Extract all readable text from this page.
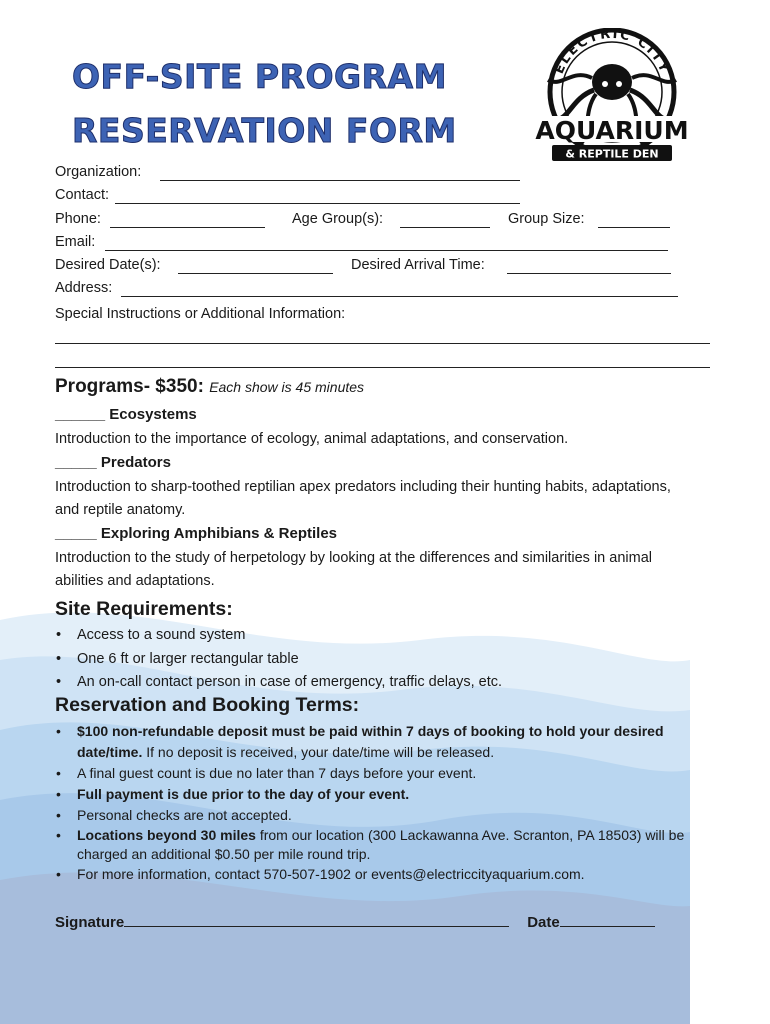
OFF-SITE PROGRAM
RESERVATION FORM
ELECTRIC CITY
AQUARIUM
& REPTILE DEN
Organization:
Contact:
Phone:	Age Group(s):	Group Size:
Email:
Desired Date(s):	Desired Arrival Time:
Address:
Special Instructions or Additional Information:
Programs- $350: Each show is 45 minutes
______ Ecosystems
Introduction to the importance of ecology, animal adaptations, and conservation.
_____ Predators
Introduction to sharp-toothed reptilian apex predators including their hunting habits, adaptations, and reptile anatomy.
_____ Exploring Amphibians & Reptiles
Introduction to the study of herpetology by looking at the differences and similarities in animal abilities and adaptations.
Site Requirements:
• Access to a sound system
• One 6 ft or larger rectangular table
• An on-call contact person in case of emergency, traffic delays, etc.
Reservation and Booking Terms:
• $100 non-refundable deposit must be paid within 7 days of booking to hold your desired date/time. If no deposit is received, your date/time will be released.
• A final guest count is due no later than 7 days before your event.
• Full payment is due prior to the day of your event.
• Personal checks are not accepted.
• Locations beyond 30 miles from our location (300 Lackawanna Ave. Scranton, PA 18503) will be charged an additional $0.50 per mile round trip.
• For more information, contact 570-507-1902 or events@electriccityaquarium.com.
Signature	Date
